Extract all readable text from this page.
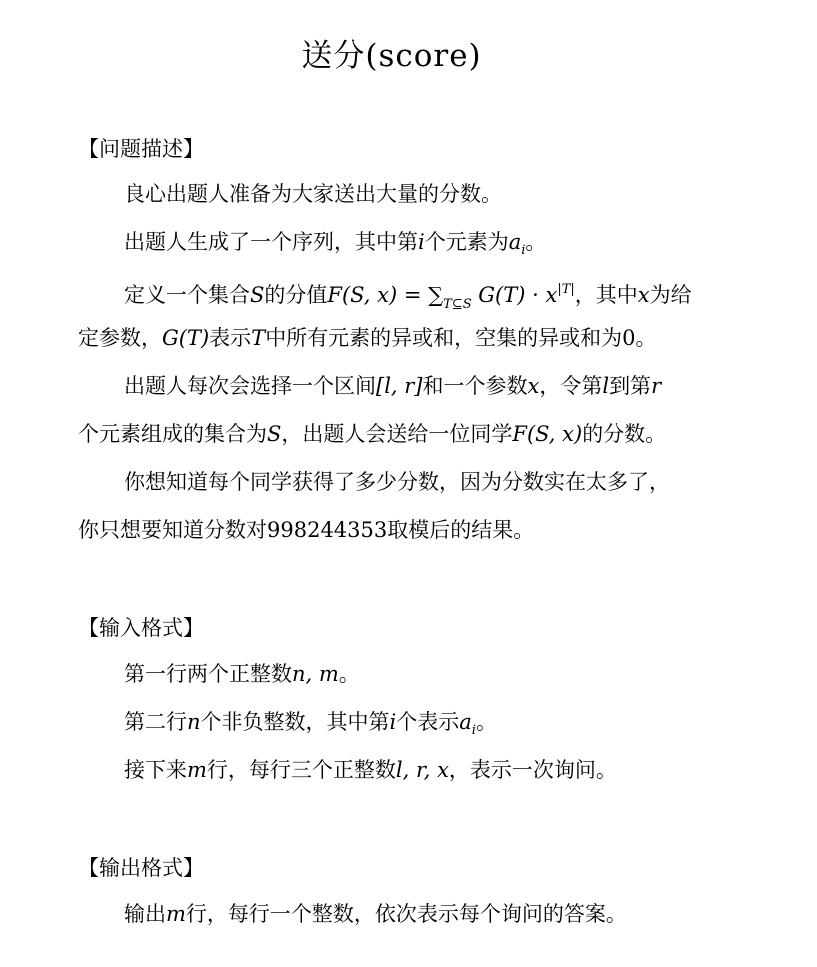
送分(score)
【问题描述】
良心出题人准备为大家送出大量的分数。
出题人生成了一个序列，其中第i个元素为$a_i$。
定义一个集合S的分值F(S, $x) = \sum_{T⊆S}$ $G(T) \cdot x^{|T|}$，其中x为给
定参数，G(T)表示T中所有元素的异或和，空集的异或和为0。
出题人每次会选择一个区间[l, r]和一个参数x，令第l到第r
个元素组成的集合为S，出题人会送给一位同学F(S, x)的分数。
你想知道每个同学获得了多少分数，因为分数实在太多了，
你只想要知道分数对998244353取模后的结果。
【输入格式】
第一行两个正整数n, m。
第二行n个非负整数，其中第i个表示$a_i$。
接下来m行，每行三个正整数l, r, x，表示一次询问。
【输出格式】
输出m行，每行一个整数，依次表示每个询问的答案。
